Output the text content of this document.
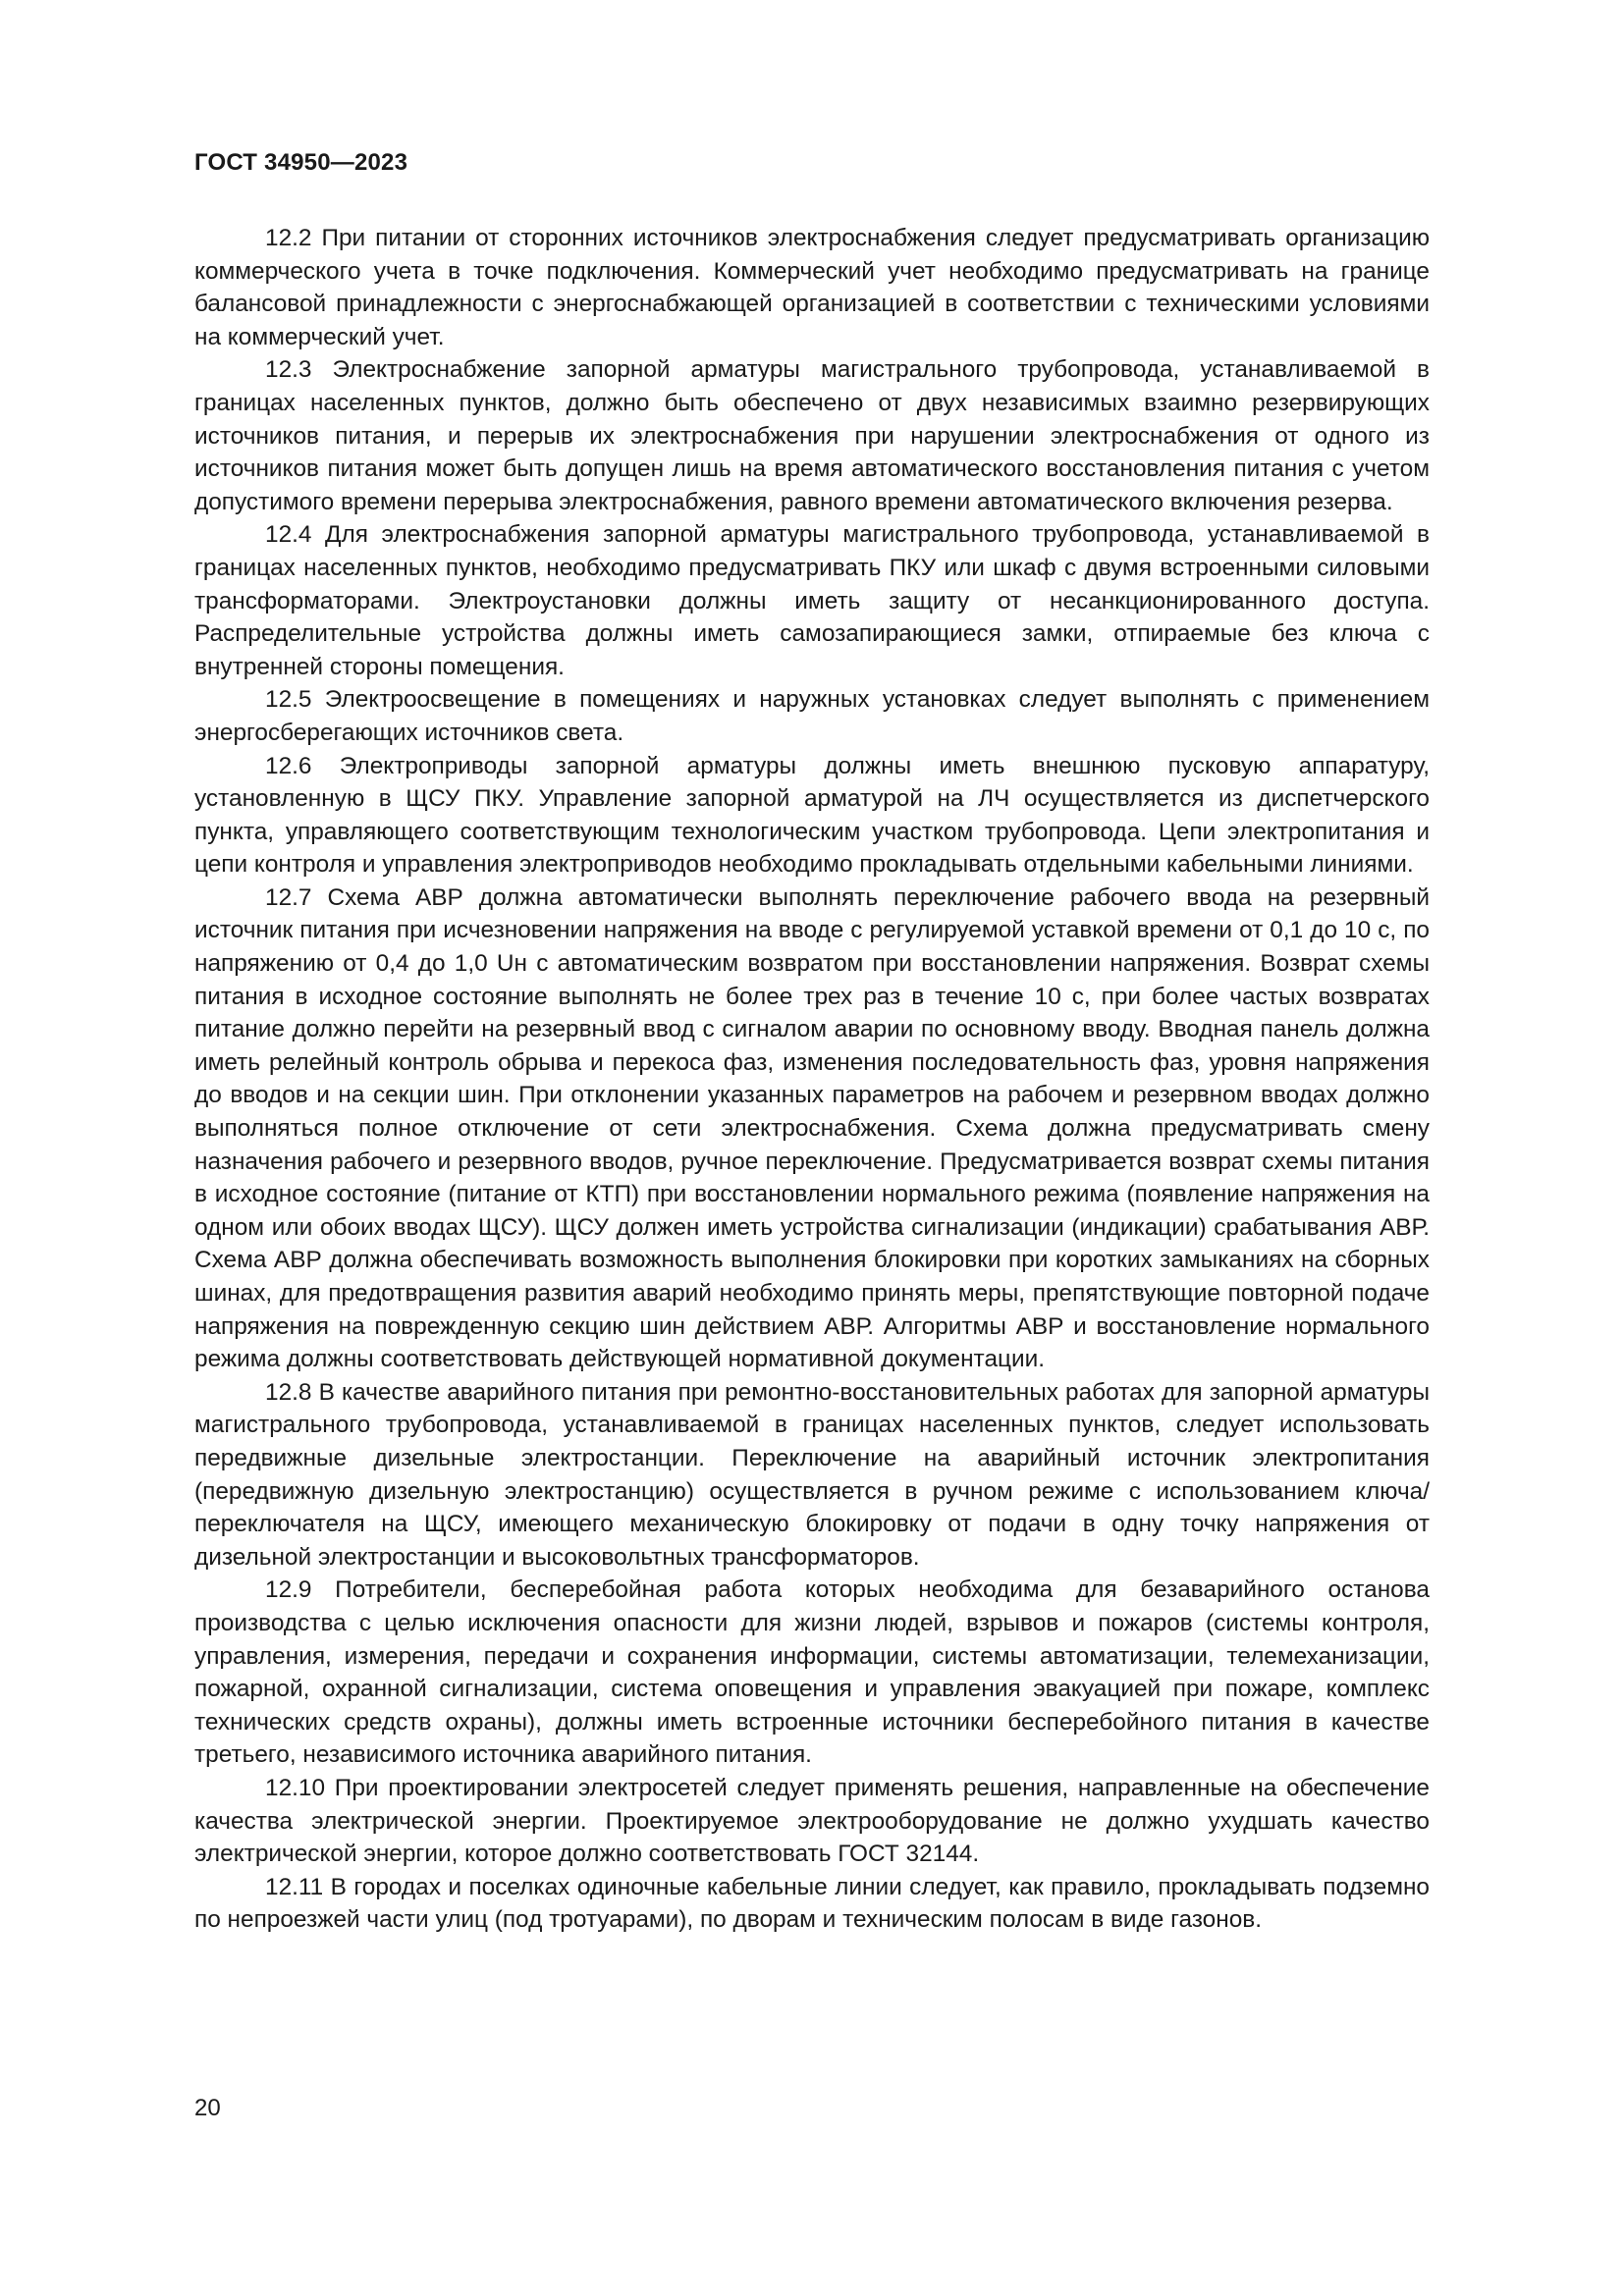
ГОСТ 34950—2023

12.2 При питании от сторонних источников электроснабжения следует предусматривать организацию коммерческого учета в точке подключения. Коммерческий учет необходимо предусматривать на границе балансовой принадлежности с энергоснабжающей организацией в соответствии с техническими условиями на коммерческий учет.

12.3 Электроснабжение запорной арматуры магистрального трубопровода, устанавливаемой в границах населенных пунктов, должно быть обеспечено от двух независимых взаимно резервирующих источников питания, и перерыв их электроснабжения при нарушении электроснабжения от одного из источников питания может быть допущен лишь на время автоматического восстановления питания с учетом допустимого времени перерыва электроснабжения, равного времени автоматического включения резерва.

12.4 Для электроснабжения запорной арматуры магистрального трубопровода, устанавливаемой в границах населенных пунктов, необходимо предусматривать ПКУ или шкаф с двумя встроенными силовыми трансформаторами. Электроустановки должны иметь защиту от несанкционированного доступа. Распределительные устройства должны иметь самозапирающиеся замки, отпираемые без ключа с внутренней стороны помещения.

12.5 Электроосвещение в помещениях и наружных установках следует выполнять с применением энергосберегающих источников света.

12.6 Электроприводы запорной арматуры должны иметь внешнюю пусковую аппаратуру, установленную в ЩСУ ПКУ. Управление запорной арматурой на ЛЧ осуществляется из диспетчерского пункта, управляющего соответствующим технологическим участком трубопровода. Цепи электропитания и цепи контроля и управления электроприводов необходимо прокладывать отдельными кабельными линиями.

12.7 Схема АВР должна автоматически выполнять переключение рабочего ввода на резервный источник питания при исчезновении напряжения на вводе с регулируемой уставкой времени от 0,1 до 10 с, по напряжению от 0,4 до 1,0 Uн с автоматическим возвратом при восстановлении напряжения. Возврат схемы питания в исходное состояние выполнять не более трех раз в течение 10 с, при более частых возвратах питание должно перейти на резервный ввод с сигналом аварии по основному вводу. Вводная панель должна иметь релейный контроль обрыва и перекоса фаз, изменения последовательность фаз, уровня напряжения до вводов и на секции шин. При отклонении указанных параметров на рабочем и резервном вводах должно выполняться полное отключение от сети электроснабжения. Схема должна предусматривать смену назначения рабочего и резервного вводов, ручное переключение. Предусматривается возврат схемы питания в исходное состояние (питание от КТП) при восстановлении нормального режима (появление напряжения на одном или обоих вводах ЩСУ). ЩСУ должен иметь устройства сигнализации (индикации) срабатывания АВР. Схема АВР должна обеспечивать возможность выполнения блокировки при коротких замыканиях на сборных шинах, для предотвращения развития аварий необходимо принять меры, препятствующие повторной подаче напряжения на поврежденную секцию шин действием АВР. Алгоритмы АВР и восстановление нормального режима должны соответствовать действующей нормативной документации.

12.8 В качестве аварийного питания при ремонтно-восстановительных работах для запорной арматуры магистрального трубопровода, устанавливаемой в границах населенных пунктов, следует использовать передвижные дизельные электростанции. Переключение на аварийный источник электропитания (передвижную дизельную электростанцию) осуществляется в ручном режиме с использованием ключа/переключателя на ЩСУ, имеющего механическую блокировку от подачи в одну точку напряжения от дизельной электростанции и высоковольтных трансформаторов.

12.9 Потребители, бесперебойная работа которых необходима для безаварийного останова производства с целью исключения опасности для жизни людей, взрывов и пожаров (системы контроля, управления, измерения, передачи и сохранения информации, системы автоматизации, телемеханизации, пожарной, охранной сигнализации, система оповещения и управления эвакуацией при пожаре, комплекс технических средств охраны), должны иметь встроенные источники бесперебойного питания в качестве третьего, независимого источника аварийного питания.

12.10 При проектировании электросетей следует применять решения, направленные на обеспечение качества электрической энергии. Проектируемое электрооборудование не должно ухудшать качество электрической энергии, которое должно соответствовать ГОСТ 32144.

12.11 В городах и поселках одиночные кабельные линии следует, как правило, прокладывать подземно по непроезжей части улиц (под тротуарами), по дворам и техническим полосам в виде газонов.

20
